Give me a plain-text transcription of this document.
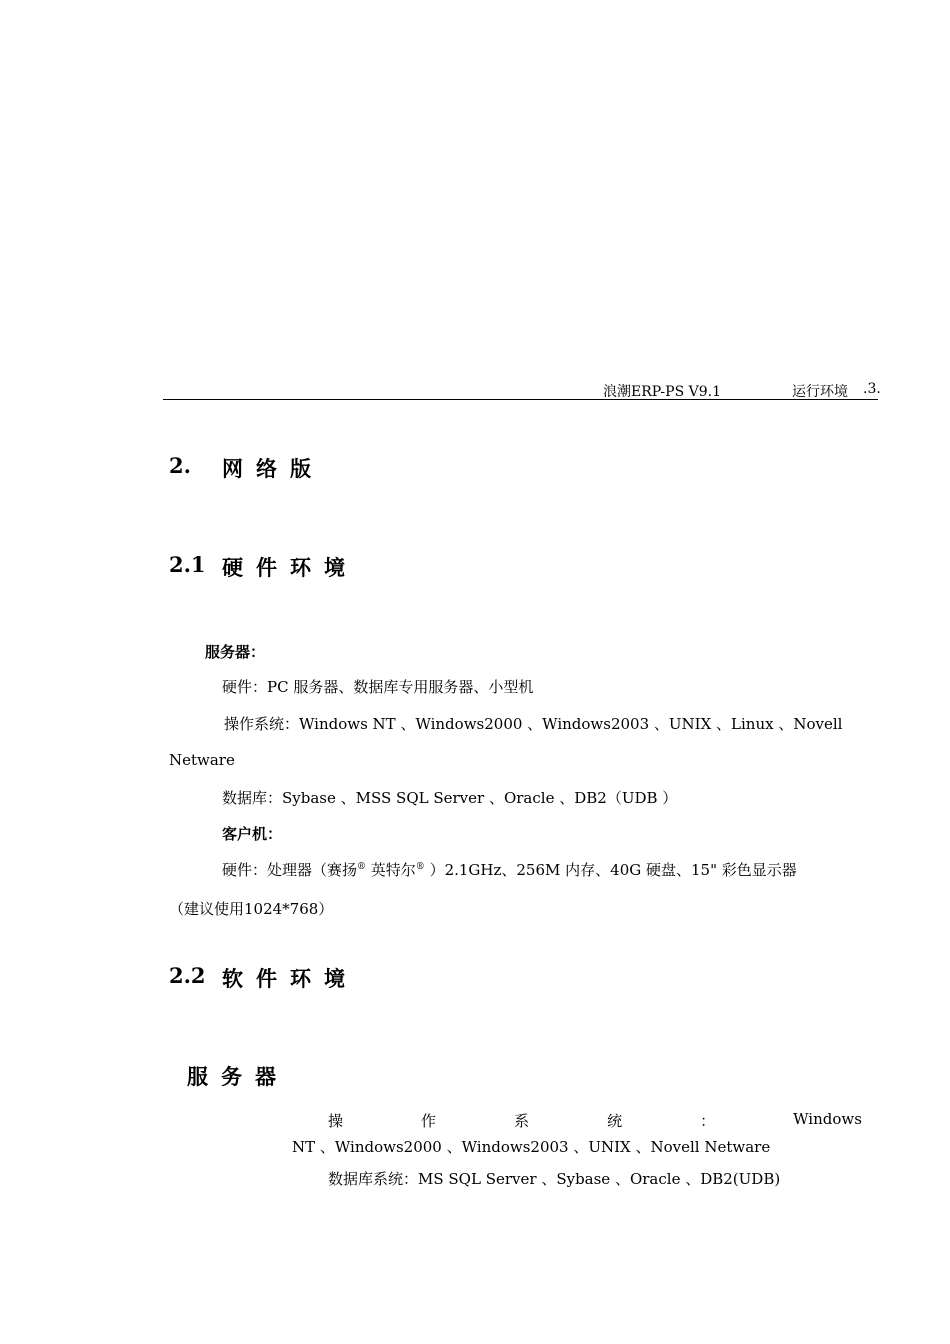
浪潮ERP-PS V9.1	运行环境 .3.
2. 网络版
2.1 硬件环境
服务器：
硬件：PC 服务器、数据库专用服务器、小型机
操作系统：Windows NT 、Windows2000 、Windows2003 、UNIX 、Linux 、Novell
Netware
数据库：Sybase 、MSS SQL Server 、Oracle 、DB2（UDB ）
客户机：
硬件：处理器（赛扬® 英特尔® ）2.1GHz、256M 内存、40G 硬盘、15" 彩色显示器
（建议使用1024*768）
2.2 软件环境
服务器
操	作	系	统	：	Windows
NT 、Windows2000 、Windows2003 、UNIX 、Novell Netware
数据库系统：MS SQL Server 、Sybase 、Oracle 、DB2(UDB)
